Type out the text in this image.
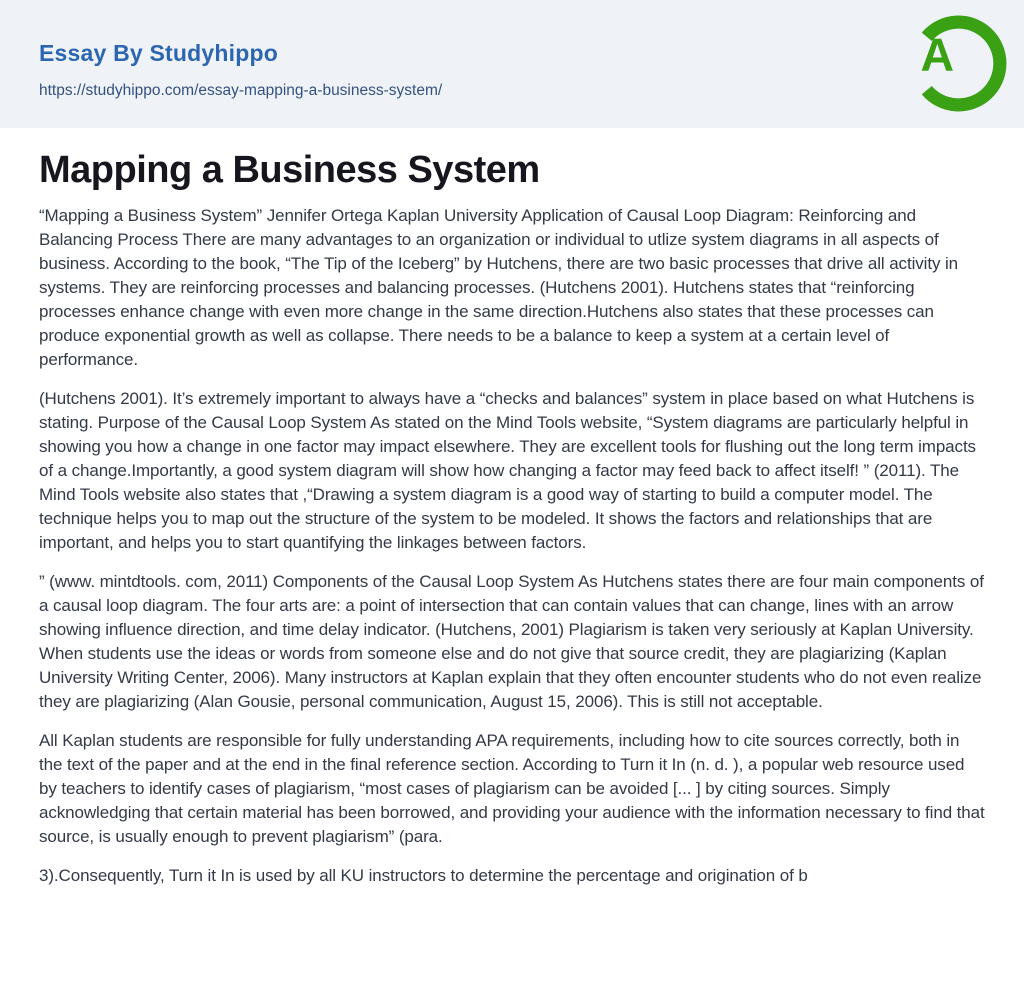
Essay By Studyhippo
https://studyhippo.com/essay-mapping-a-business-system/
A
Mapping a Business System

“Mapping a Business System” Jennifer Ortega Kaplan University Application of Causal Loop Diagram: Reinforcing and Balancing Process There are many advantages to an organization or individual to utlize system diagrams in all aspects of business. According to the book, “The Tip of the Iceberg” by Hutchens, there are two basic processes that drive all activity in systems. They are reinforcing processes and balancing processes. (Hutchens 2001). Hutchens states that “reinforcing processes enhance change with even more change in the same direction.Hutchens also states that these processes can produce exponential growth as well as collapse. There needs to be a balance to keep a system at a certain level of performance.

(Hutchens 2001). It’s extremely important to always have a “checks and balances” system in place based on what Hutchens is stating. Purpose of the Causal Loop System As stated on the Mind Tools website, “System diagrams are particularly helpful in showing you how a change in one factor may impact elsewhere. They are excellent tools for flushing out the long term impacts of a change.Importantly, a good system diagram will show how changing a factor may feed back to affect itself! ” (2011). The Mind Tools website also states that ,“Drawing a system diagram is a good way of starting to build a computer model. The technique helps you to map out the structure of the system to be modeled. It shows the factors and relationships that are important, and helps you to start quantifying the linkages between factors.

” (www. mintdtools. com, 2011) Components of the Causal Loop System As Hutchens states there are four main components of a causal loop diagram. The four arts are: a point of intersection that can contain values that can change, lines with an arrow showing influence direction, and time delay indicator. (Hutchens, 2001) Plagiarism is taken very seriously at Kaplan University. When students use the ideas or words from someone else and do not give that source credit, they are plagiarizing (Kaplan University Writing Center, 2006). Many instructors at Kaplan explain that they often encounter students who do not even realize they are plagiarizing (Alan Gousie, personal communication, August 15, 2006). This is still not acceptable.

All Kaplan students are responsible for fully understanding APA requirements, including how to cite sources correctly, both in the text of the paper and at the end in the final reference section. According to Turn it In (n. d. ), a popular web resource used by teachers to identify cases of plagiarism, “most cases of plagiarism can be avoided [... ] by citing sources. Simply acknowledging that certain material has been borrowed, and providing your audience with the information necessary to find that source, is usually enough to prevent plagiarism” (para.

3).Consequently, Turn it In is used by all KU instructors to determine the percentage and origination of b
